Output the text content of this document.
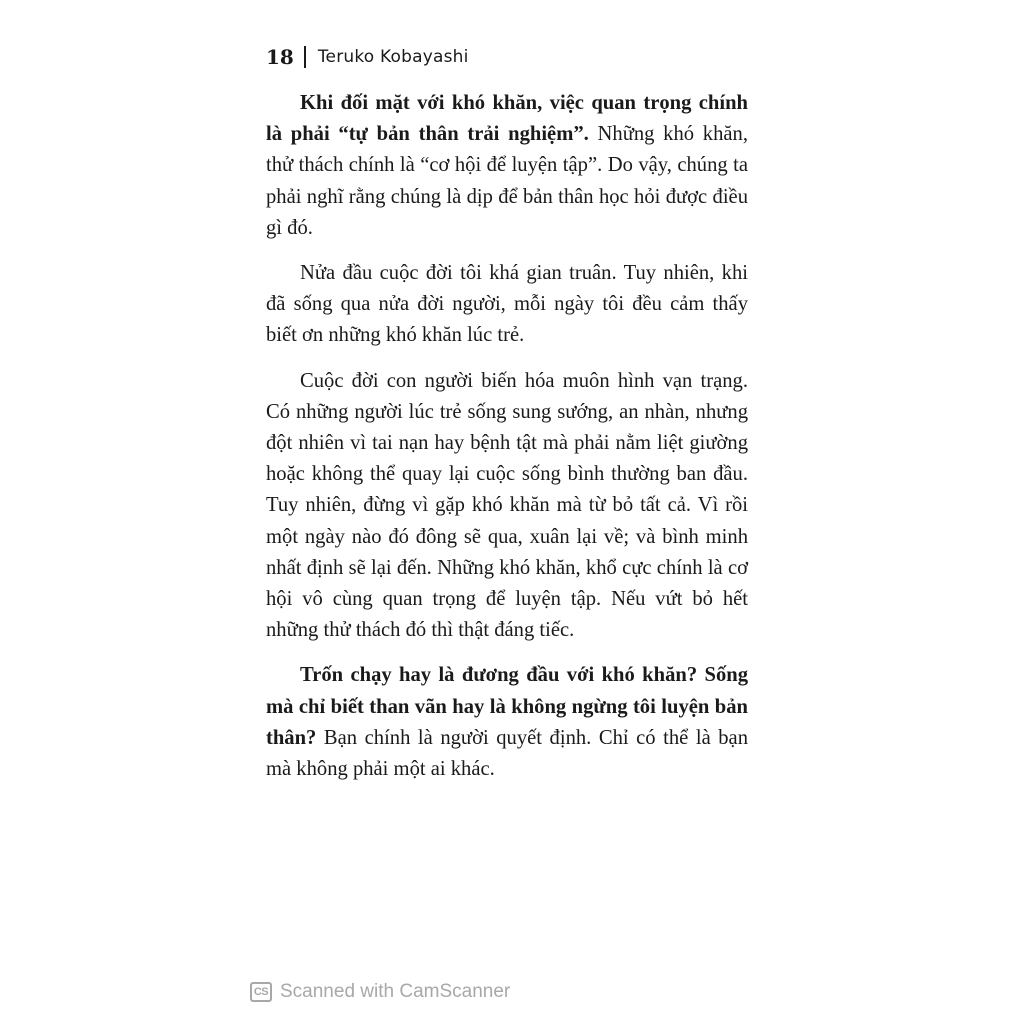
18 Teruko Kobayashi

Khi đối mặt với khó khăn, việc quan trọng chính là phải “tự bản thân trải nghiệm”. Những khó khăn, thử thách chính là “cơ hội để luyện tập”. Do vậy, chúng ta phải nghĩ rằng chúng là dịp để bản thân học hỏi được điều gì đó.

Nửa đầu cuộc đời tôi khá gian truân. Tuy nhiên, khi đã sống qua nửa đời người, mỗi ngày tôi đều cảm thấy biết ơn những khó khăn lúc trẻ.

Cuộc đời con người biến hóa muôn hình vạn trạng. Có những người lúc trẻ sống sung sướng, an nhàn, nhưng đột nhiên vì tai nạn hay bệnh tật mà phải nằm liệt giường hoặc không thể quay lại cuộc sống bình thường ban đầu. Tuy nhiên, đừng vì gặp khó khăn mà từ bỏ tất cả. Vì rồi một ngày nào đó đông sẽ qua, xuân lại về; và bình minh nhất định sẽ lại đến. Những khó khăn, khổ cực chính là cơ hội vô cùng quan trọng để luyện tập. Nếu vứt bỏ hết những thử thách đó thì thật đáng tiếc.

Trốn chạy hay là đương đầu với khó khăn? Sống mà chỉ biết than vãn hay là không ngừng tôi luyện bản thân? Bạn chính là người quyết định. Chỉ có thể là bạn mà không phải một ai khác.

CS Scanned with CamScanner
